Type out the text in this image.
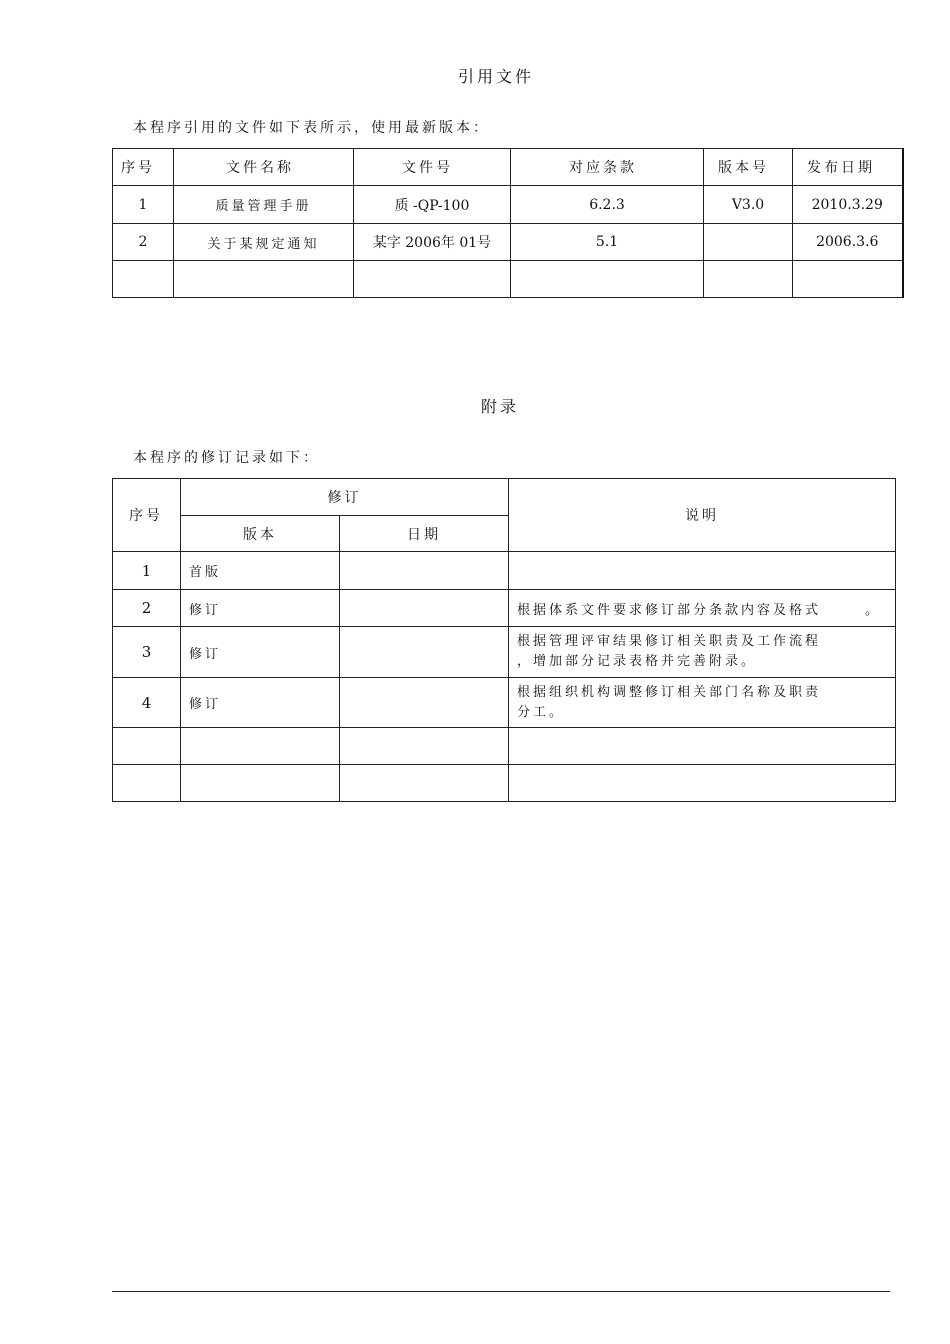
引用文件
本程序引用的文件如下表所示，使用最新版本：
序号	文件名称	文件号	对应条款	版本号	发布日期
1	质量管理手册	质 -QP-100	6.2.3	V3.0	2010.3.29
2	关于某规定通知	某字 2006年 01号	5.1		2006.3.6

附录
本程序的修订记录如下：
序号	修订		说明
	版本	日期	
1	首版		
2	修订		根据体系文件要求修订部分条款内容及格式 。

3	修订		根据管理评审结果修订相关职责及工作流程
，增加部分记录表格并完善附录。

4	修订		根据组织机构调整修订相关部门名称及职责
分工。
